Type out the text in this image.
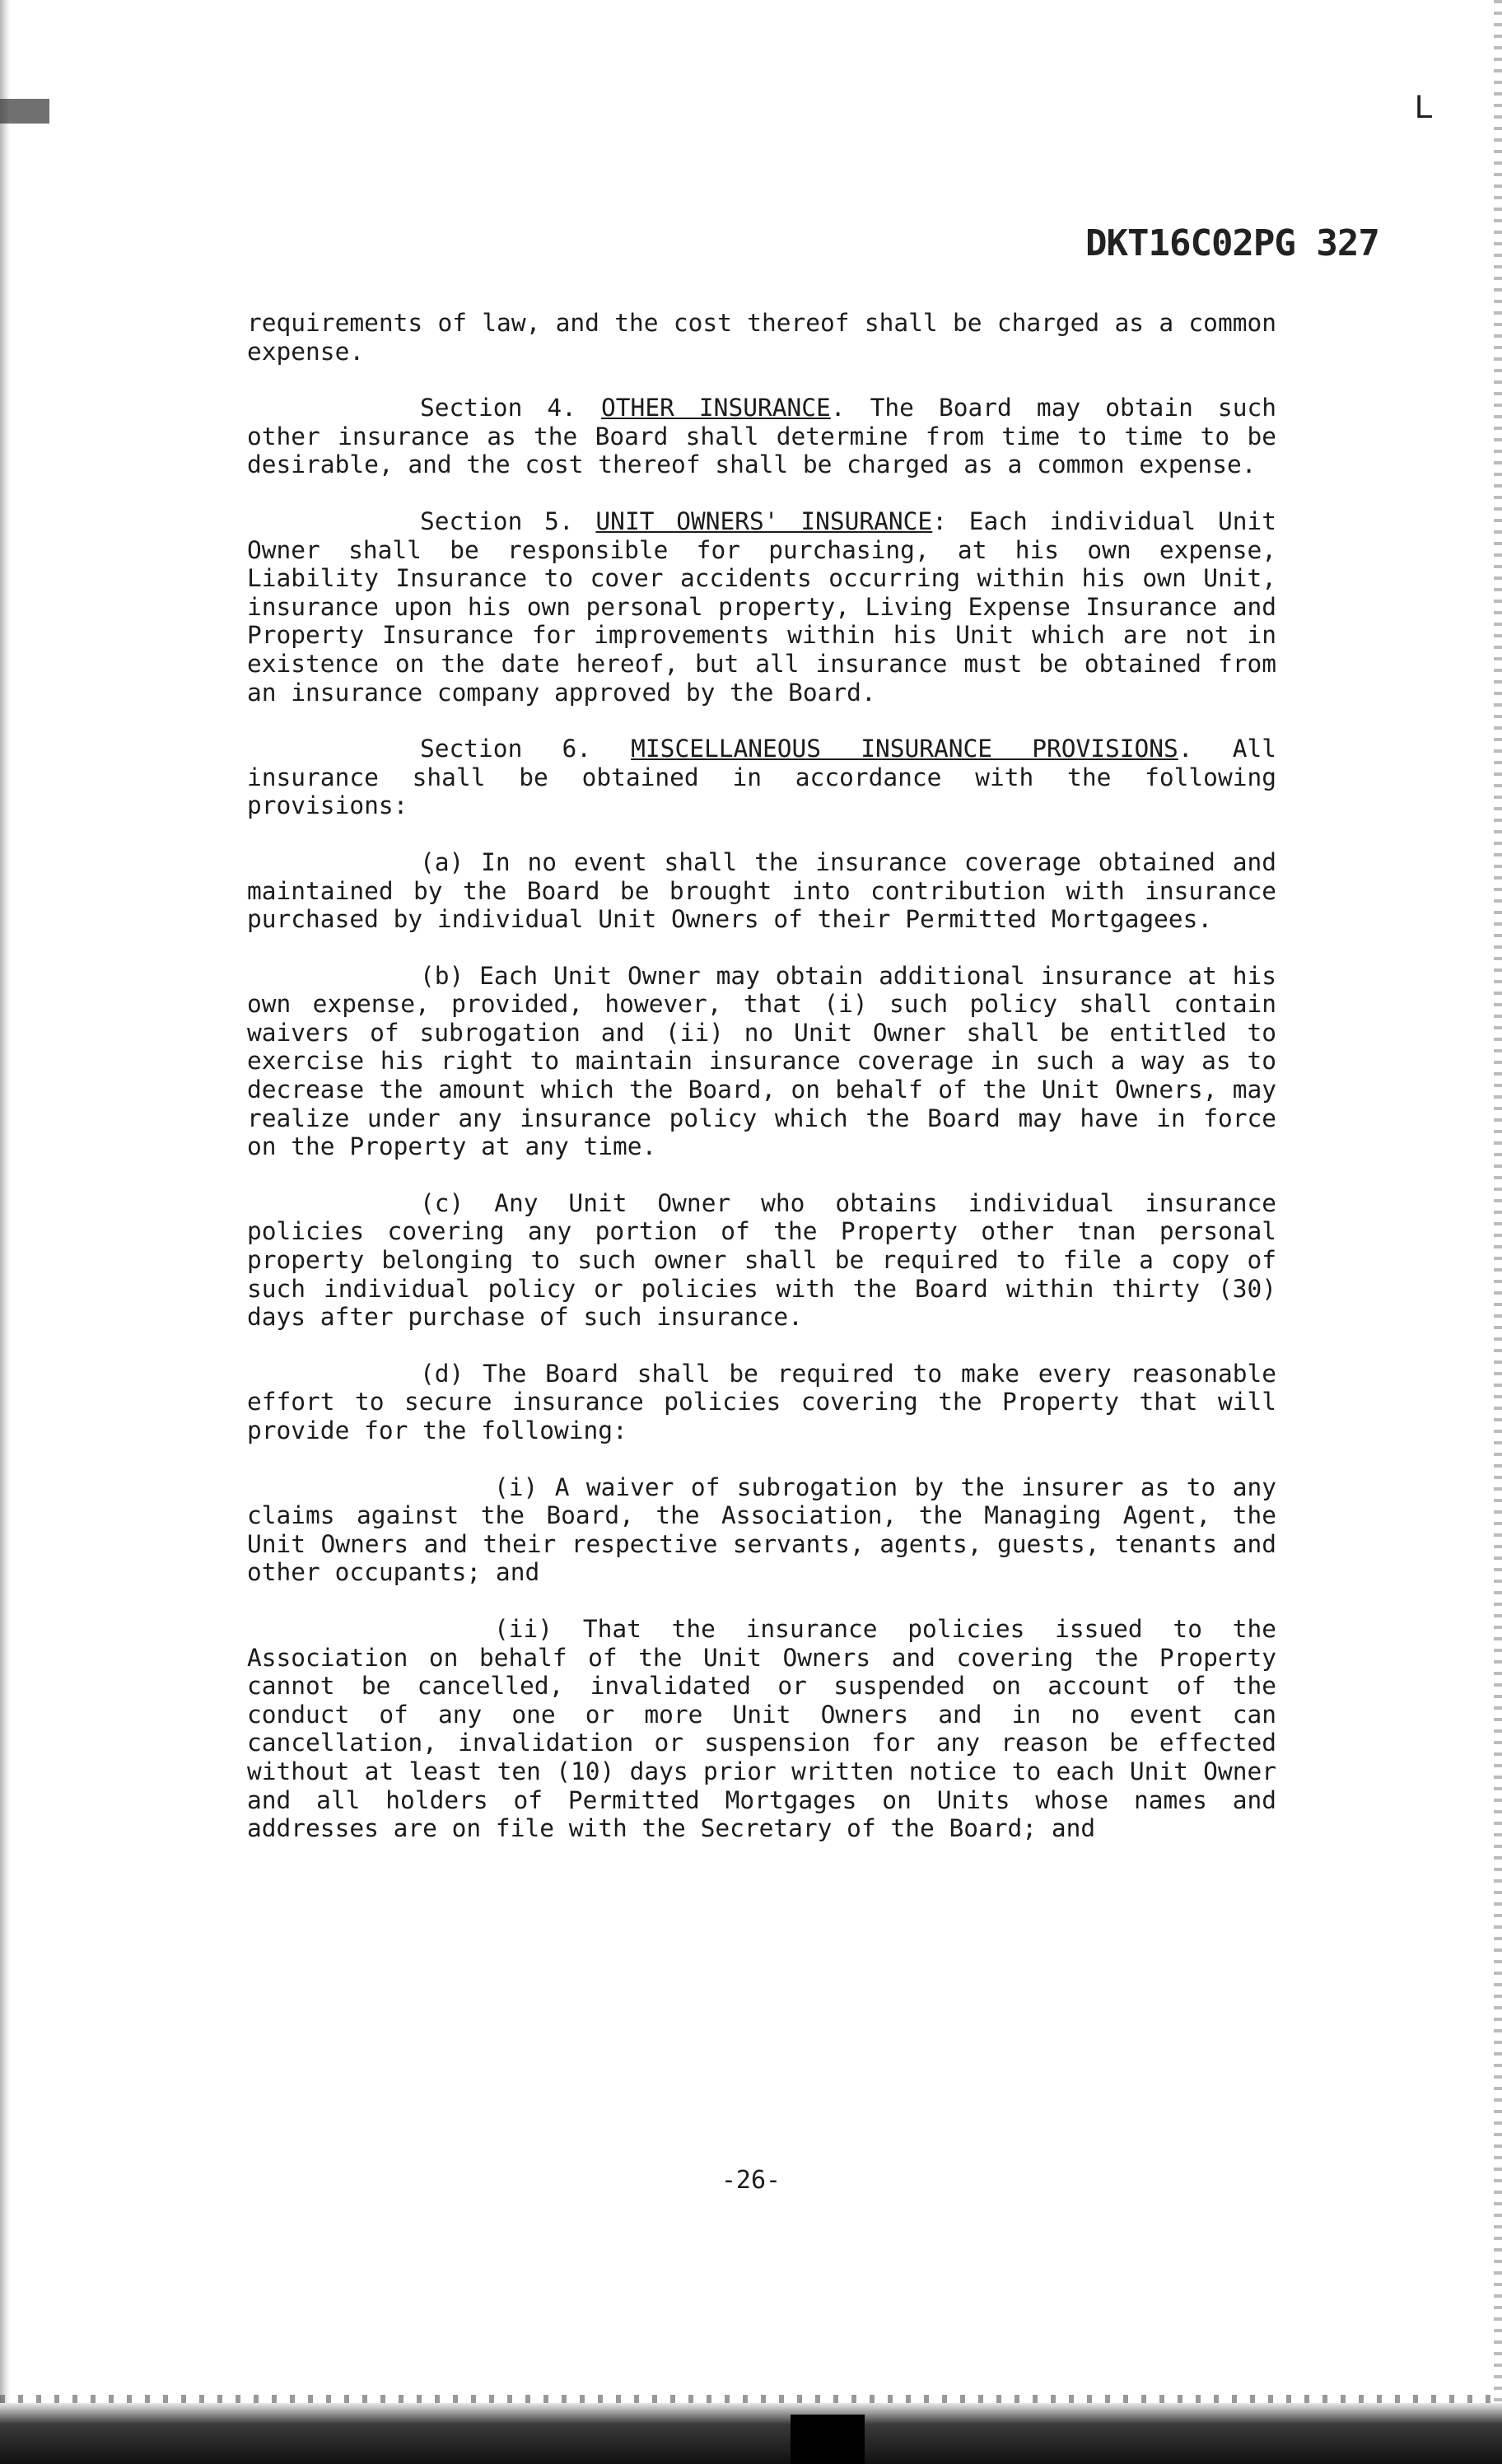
L
DKT16C02PG 327

requirements of law, and the cost thereof shall be charged as a common expense.

Section 4. OTHER INSURANCE. The Board may obtain such other insurance as the Board shall determine from time to time to be desirable, and the cost thereof shall be charged as a common expense.

Section 5. UNIT OWNERS' INSURANCE: Each individual Unit Owner shall be responsible for purchasing, at his own expense, Liability Insurance to cover accidents occurring within his own Unit, insurance upon his own personal property, Living Expense Insurance and Property Insurance for improvements within his Unit which are not in existence on the date hereof, but all insurance must be obtained from an insurance company approved by the Board.

Section 6. MISCELLANEOUS INSURANCE PROVISIONS. All insurance shall be obtained in accordance with the following provisions:

(a) In no event shall the insurance coverage obtained and maintained by the Board be brought into contribution with insurance purchased by individual Unit Owners of their Permitted Mortgagees.

(b) Each Unit Owner may obtain additional insurance at his own expense, provided, however, that (i) such policy shall contain waivers of subrogation and (ii) no Unit Owner shall be entitled to exercise his right to maintain insurance coverage in such a way as to decrease the amount which the Board, on behalf of the Unit Owners, may realize under any insurance policy which the Board may have in force on the Property at any time.

(c) Any Unit Owner who obtains individual insurance policies covering any portion of the Property other tnan personal property belonging to such owner shall be required to file a copy of such individual policy or policies with the Board within thirty (30) days after purchase of such insurance.

(d) The Board shall be required to make every reasonable effort to secure insurance policies covering the Property that will provide for the following:

(i) A waiver of subrogation by the insurer as to any claims against the Board, the Association, the Managing Agent, the Unit Owners and their respective servants, agents, guests, tenants and other occupants; and

(ii) That the insurance policies issued to the Association on behalf of the Unit Owners and covering the Property cannot be cancelled, invalidated or suspended on account of the conduct of any one or more Unit Owners and in no event can cancellation, invalidation or suspension for any reason be effected without at least ten (10) days prior written notice to each Unit Owner and all holders of Permitted Mortgages on Units whose names and addresses are on file with the Secretary of the Board; and

-26-
